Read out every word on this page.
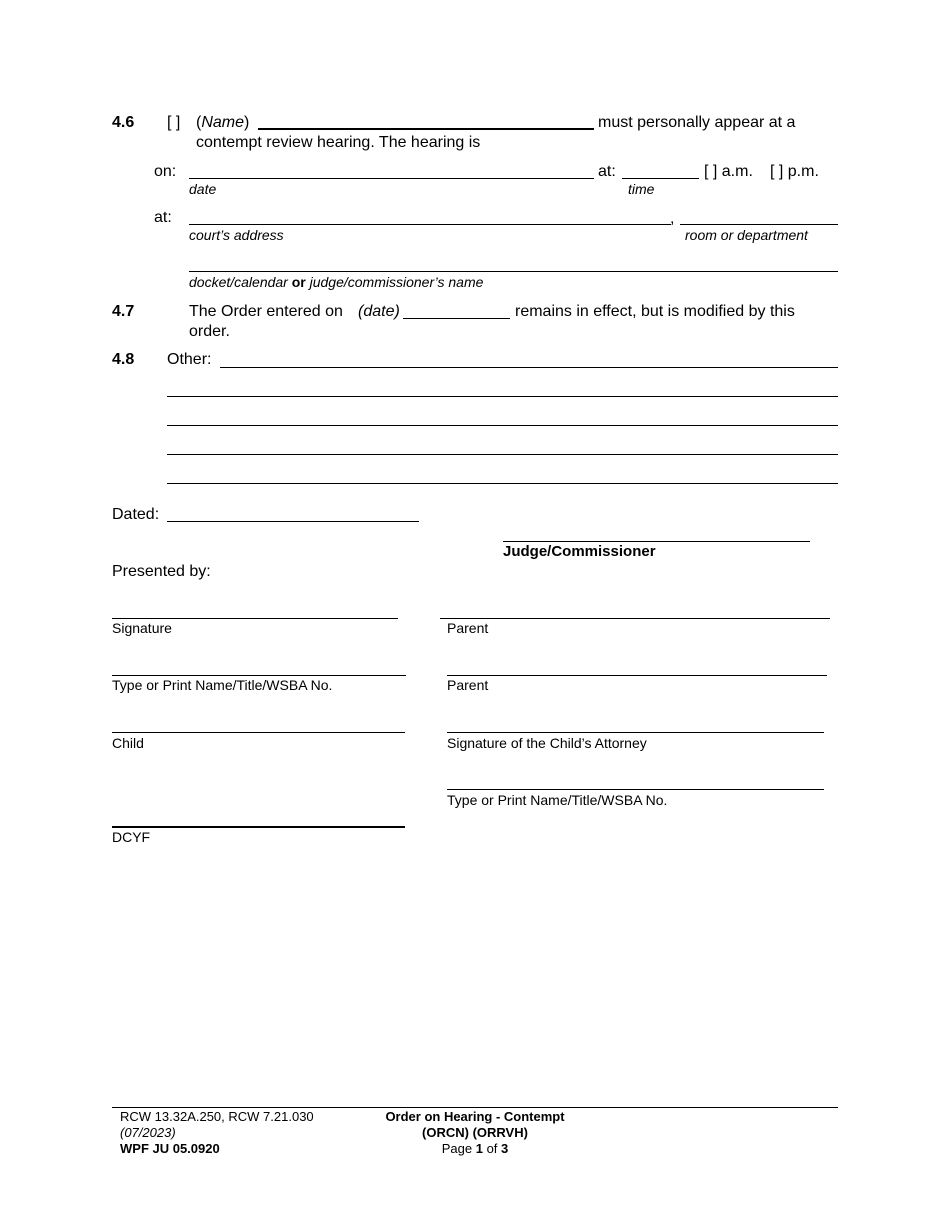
4.6 [ ] (Name)	must personally appear at a
contempt review hearing. The hearing is
on:	at:	[ ] a.m. [ ] p.m.
date	time
at:	,
court’s address	room or department
docket/calendar or judge/commissioner’s name
4.7	The Order entered on (date)	remains in effect, but is modified by this
order.
4.8 Other:
Dated:
Judge/Commissioner
Presented by:
Signature	Parent
Type or Print Name/Title/WSBA No.	Parent
Child	Signature of the Child’s Attorney
Type or Print Name/Title/WSBA No.
DCYF
RCW 13.32A.250, RCW 7.21.030
(07/2023)
WPF JU 05.0920
Order on Hearing - Contempt
(ORCN) (ORRVH)
Page 1 of 3
